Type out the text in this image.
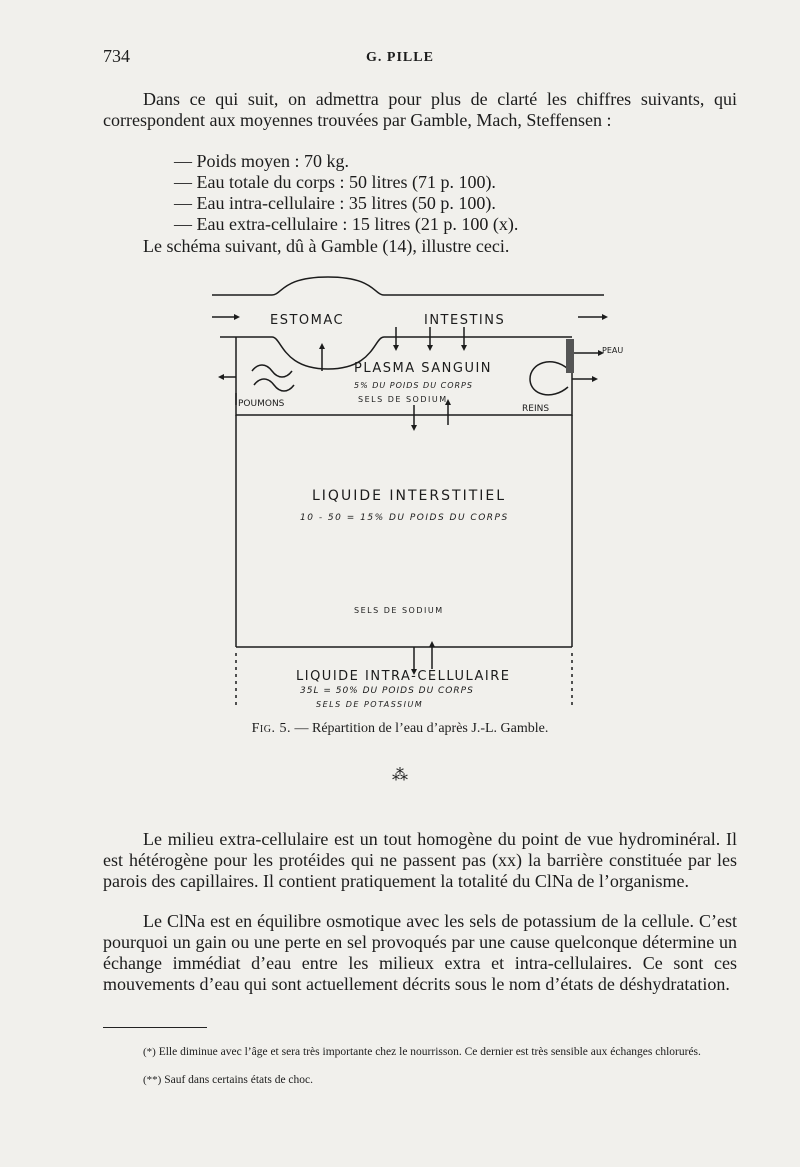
734	G. PILLE
Dans ce qui suit, on admettra pour plus de clarté les chiffres suivants, qui correspondent aux moyennes trouvées par Gamble, Mach, Steffensen :
— Poids moyen : 70 kg.
— Eau totale du corps : 50 litres (71 p. 100).
— Eau intra-cellulaire : 35 litres (50 p. 100).
— Eau extra-cellulaire : 15 litres (21 p. 100 (x).
Le schéma suivant, dû à Gamble (14), illustre ceci.
ESTOMAC	INTESTINS
PEAU
POUMONS	REINS
PLASMA SANGUIN
5% DU POIDS DU CORPS
SELS DE SODIUM
LIQUIDE INTERSTITIEL
10 - 50 = 15% DU POIDS DU CORPS
SELS DE SODIUM
LIQUIDE INTRA-CELLULAIRE
35L = 50% DU POIDS DU CORPS
SELS DE POTASSIUM
Fig. 5. — Répartition de l’eau d’après J.-L. Gamble.
⁂
Le milieu extra-cellulaire est un tout homogène du point de vue hydrominéral. Il est hétérogène pour les protéides qui ne passent pas (xx) la barrière constituée par les parois des capillaires. Il contient pratiquement la totalité du ClNa de l’organisme.
Le ClNa est en équilibre osmotique avec les sels de potassium de la cellule. C’est pourquoi un gain ou une perte en sel provoqués par une cause quelconque détermine un échange immédiat d’eau entre les milieux extra et intra-cellulaires. Ce sont ces mouvements d’eau qui sont actuellement décrits sous le nom d’états de déshydratation.
(*) Elle diminue avec l’âge et sera très importante chez le nourrisson. Ce dernier est très sensible aux échanges chlorurés.
(**) Sauf dans certains états de choc.
